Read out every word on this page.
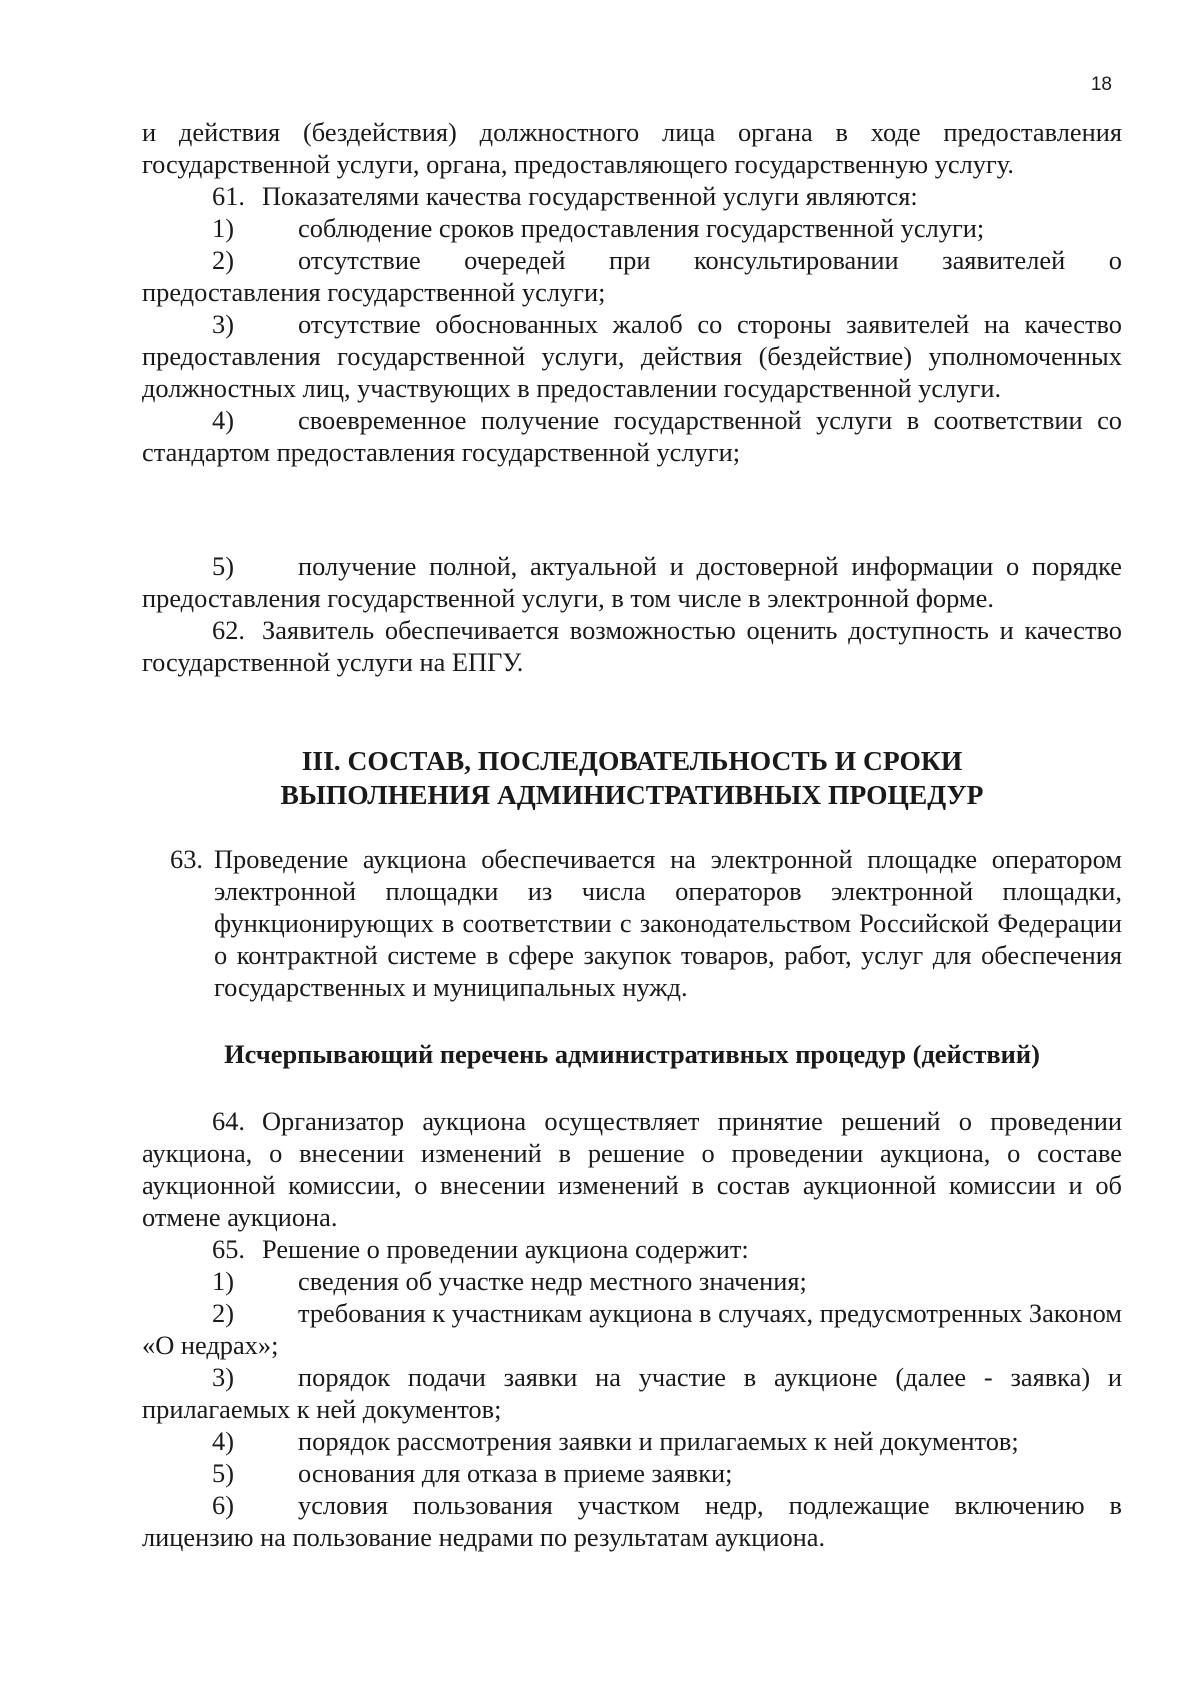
18

и действия (бездействия) должностного лица органа в ходе предоставления государственной услуги, органа, предоставляющего государственную услугу.

61. Показателями качества государственной услуги являются:

1) соблюдение сроков предоставления государственной услуги;

2) отсутствие очередей при консультировании заявителей о предоставления государственной услуги;

3) отсутствие обоснованных жалоб со стороны заявителей на качество предоставления государственной услуги, действия (бездействие) уполномоченных должностных лиц, участвующих в предоставлении государственной услуги.

4) своевременное получение государственной услуги в соответствии со стандартом предоставления государственной услуги;

5) получение полной, актуальной и достоверной информации о порядке предоставления государственной услуги, в том числе в электронной форме.

62. Заявитель обеспечивается возможностью оценить доступность и качество государственной услуги на ЕПГУ.

III. СОСТАВ, ПОСЛЕДОВАТЕЛЬНОСТЬ И СРОКИ
ВЫПОЛНЕНИЯ АДМИНИСТРАТИВНЫХ ПРОЦЕДУР
63. Проведение аукциона обеспечивается на электронной площадке оператором электронной площадки из числа операторов электронной площадки, функционирующих в соответствии с законодательством Российской Федерации о контрактной системе в сфере закупок товаров, работ, услуг для обеспечения государственных и муниципальных нужд.
Исчерпывающий перечень административных процедур (действий)

64. Организатор аукциона осуществляет принятие решений о проведении аукциона, о внесении изменений в решение о проведении аукциона, о составе аукционной комиссии, о внесении изменений в состав аукционной комиссии и об отмене аукциона.

65. Решение о проведении аукциона содержит:

1) сведения об участке недр местного значения;

2) требования к участникам аукциона в случаях, предусмотренных Законом «О недрах»;

3) порядок подачи заявки на участие в аукционе (далее - заявка) и прилагаемых к ней документов;

4) порядок рассмотрения заявки и прилагаемых к ней документов;

5) основания для отказа в приеме заявки;

6) условия пользования участком недр, подлежащие включению в лицензию на пользование недрами по результатам аукциона.
